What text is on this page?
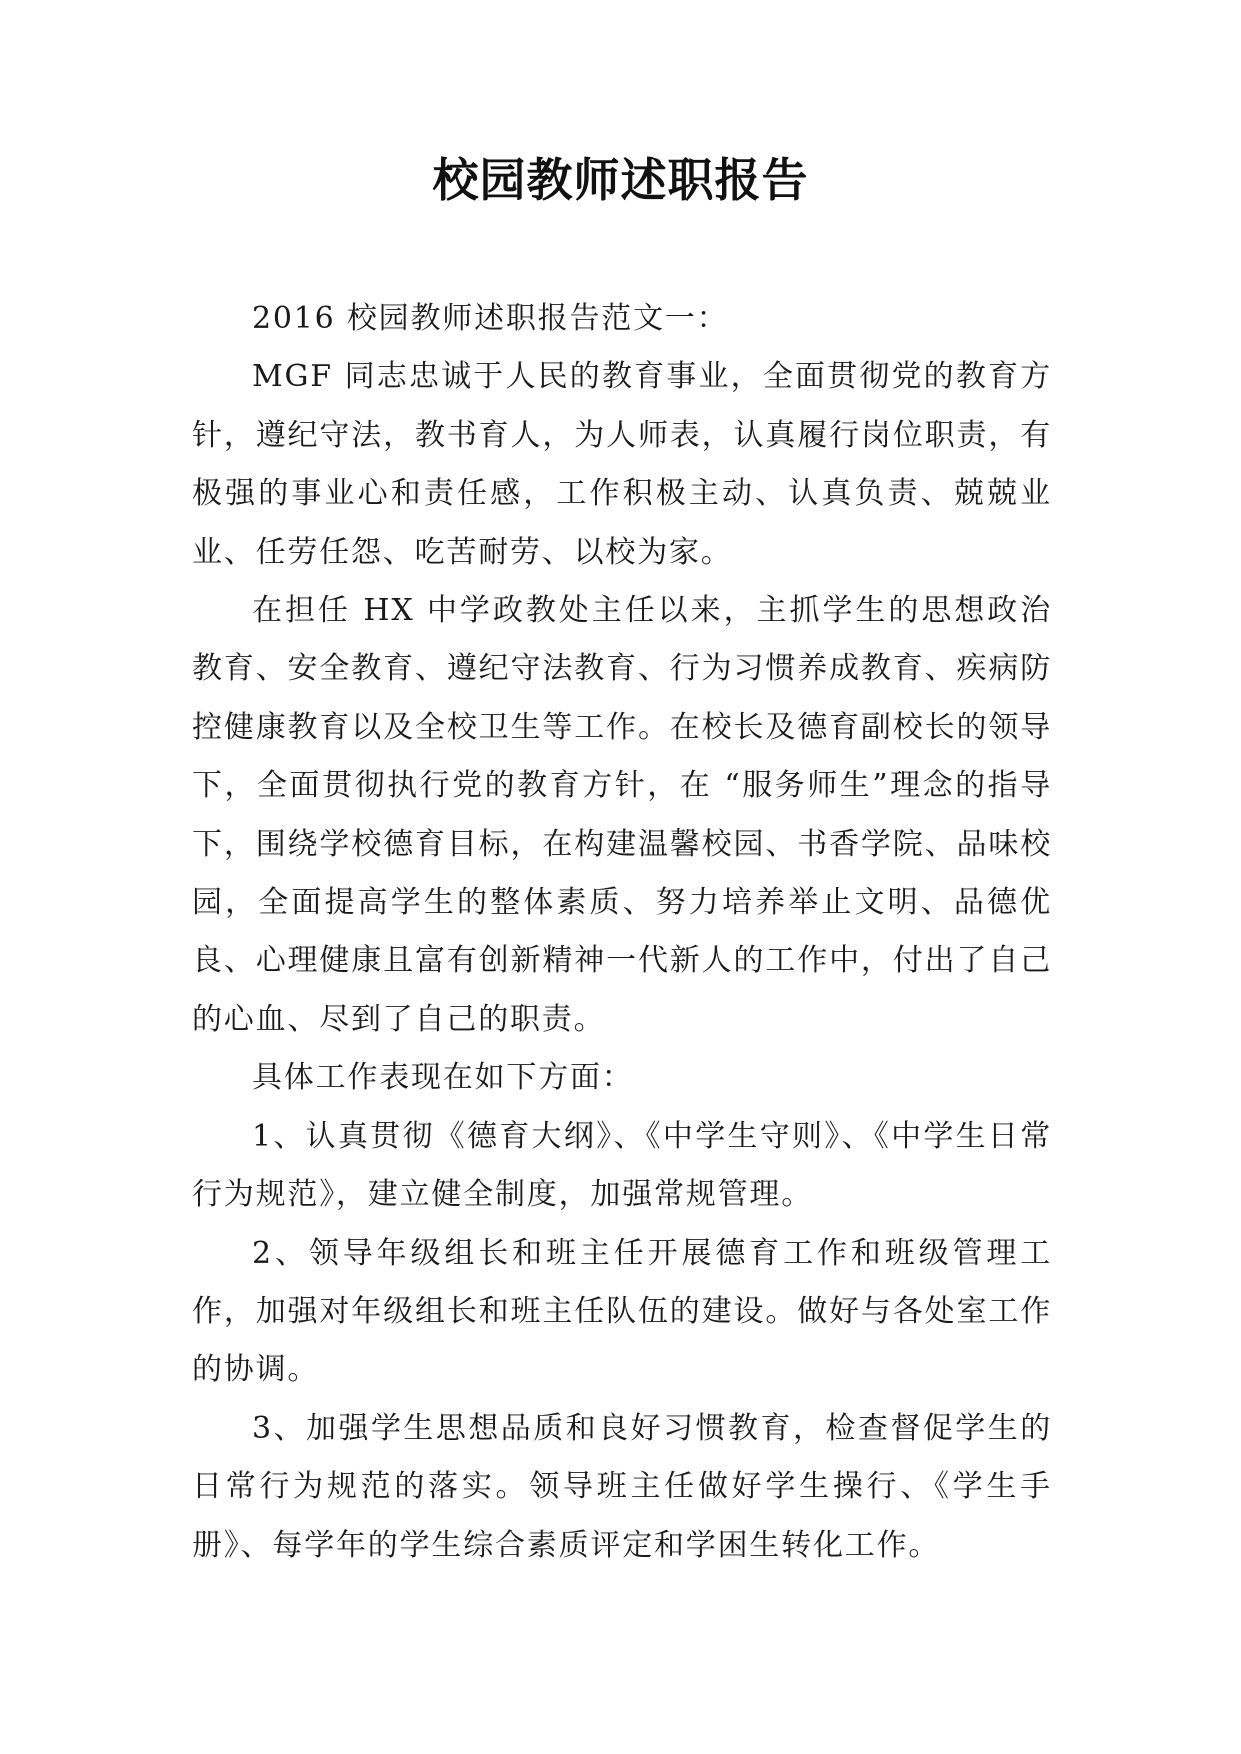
校园教师述职报告

2016 校园教师述职报告范文一：

MGF 同志忠诚于人民的教育事业，全面贯彻党的教育方针，遵纪守法，教书育人，为人师表，认真履行岗位职责，有极强的事业心和责任感，工作积极主动、认真负责、兢兢业业、任劳任怨、吃苦耐劳、以校为家。

在担任 HX 中学政教处主任以来，主抓学生的思想政治教育、安全教育、遵纪守法教育、行为习惯养成教育、疾病防控健康教育以及全校卫生等工作。在校长及德育副校长的领导下，全面贯彻执行党的教育方针，在 “服务师生”理念的指导下，围绕学校德育目标，在构建温馨校园、书香学院、品味校园，全面提高学生的整体素质、努力培养举止文明、品德优良、心理健康且富有创新精神一代新人的工作中，付出了自己的心血、尽到了自己的职责。

具体工作表现在如下方面：

1、认真贯彻《德育大纲》、《中学生守则》、《中学生日常行为规范》，建立健全制度，加强常规管理。

2、领导年级组长和班主任开展德育工作和班级管理工作，加强对年级组长和班主任队伍的建设。做好与各处室工作的协调。

3、加强学生思想品质和良好习惯教育，检查督促学生的日常行为规范的落实。领导班主任做好学生操行、《学生手册》、每学年的学生综合素质评定和学困生转化工作。
